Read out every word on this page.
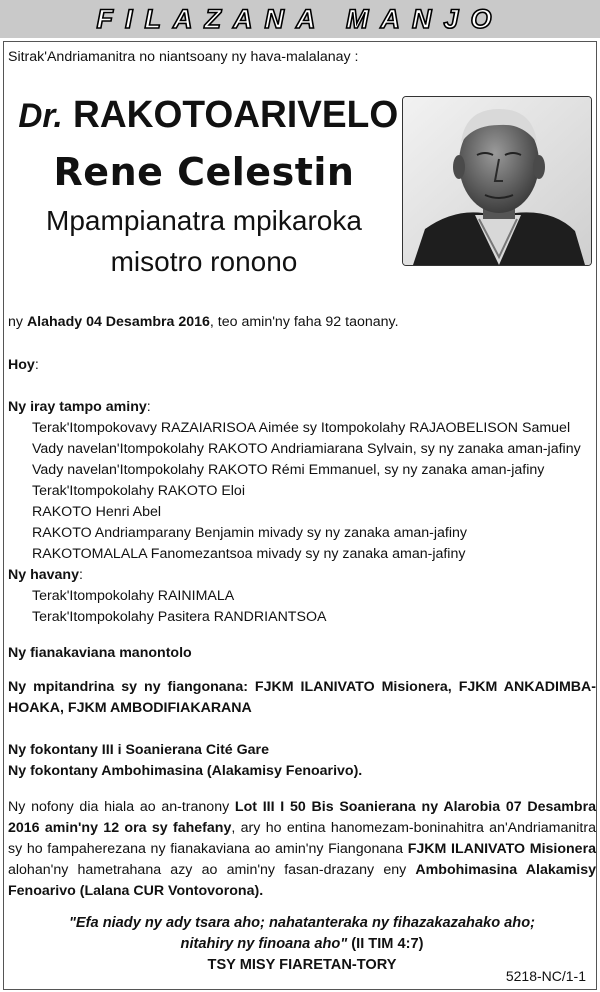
FILAZANA MANJO
Sitrak'Andriamanitra no niantsoany ny hava-malalanay :
Dr. RAKOTOARIVELO
Rene Celestin
Mpampianatra mpikaroka
misotro ronono
ny Alahady 04 Desambra 2016, teo amin'ny faha 92 taonany.
Hoy:
Ny iray tampo aminy:
Terak'Itompokovavy RAZAIARISOA Aimée sy Itompokolahy RAJAOBELISON Samuel
Vady navelan'Itompokolahy RAKOTO Andriamiarana Sylvain, sy ny zanaka aman-jafiny
Vady navelan'Itompokolahy RAKOTO Rémi Emmanuel, sy ny zanaka aman-jafiny
Terak'Itompokolahy RAKOTO Eloi
RAKOTO Henri Abel
RAKOTO Andriamparany Benjamin mivady sy ny zanaka aman-jafiny
RAKOTOMALALA Fanomezantsoa mivady sy ny zanaka aman-jafiny
Ny havany:
Terak'Itompokolahy RAINIMALA
Terak'Itompokolahy Pasitera RANDRIANTSOA
Ny fianakaviana manontolo
Ny mpitandrina sy ny fiangonana: FJKM ILANIVATO Misionera, FJKM ANKADIMBA-
HOAKA, FJKM AMBODIFIAKARANA
Ny fokontany III i Soanierana Cité Gare
Ny fokontany Ambohimasina (Alakamisy Fenoarivo).
Ny nofony dia hiala ao an-tranony Lot III I 50 Bis Soanierana ny Alarobia 07 Desambra
2016 amin'ny 12 ora sy fahefany, ary ho entina hanomezam-boninahitra an'Andriamanitra
sy ho fampaherezana ny fianakaviana ao amin'ny Fiangonana FJKM ILANIVATO Misionera
alohan'ny hametrahana azy ao amin'ny fasan-drazany eny Ambohimasina Alakamisy
Fenoarivo (Lalana CUR Vontovorona).
"Efa niady ny ady tsara aho; nahatanteraka ny fihazakazahako aho;
nitahiry ny finoana aho" (II TIM 4:7)
TSY MISY FIARETAN-TORY
5218-NC/1-1
